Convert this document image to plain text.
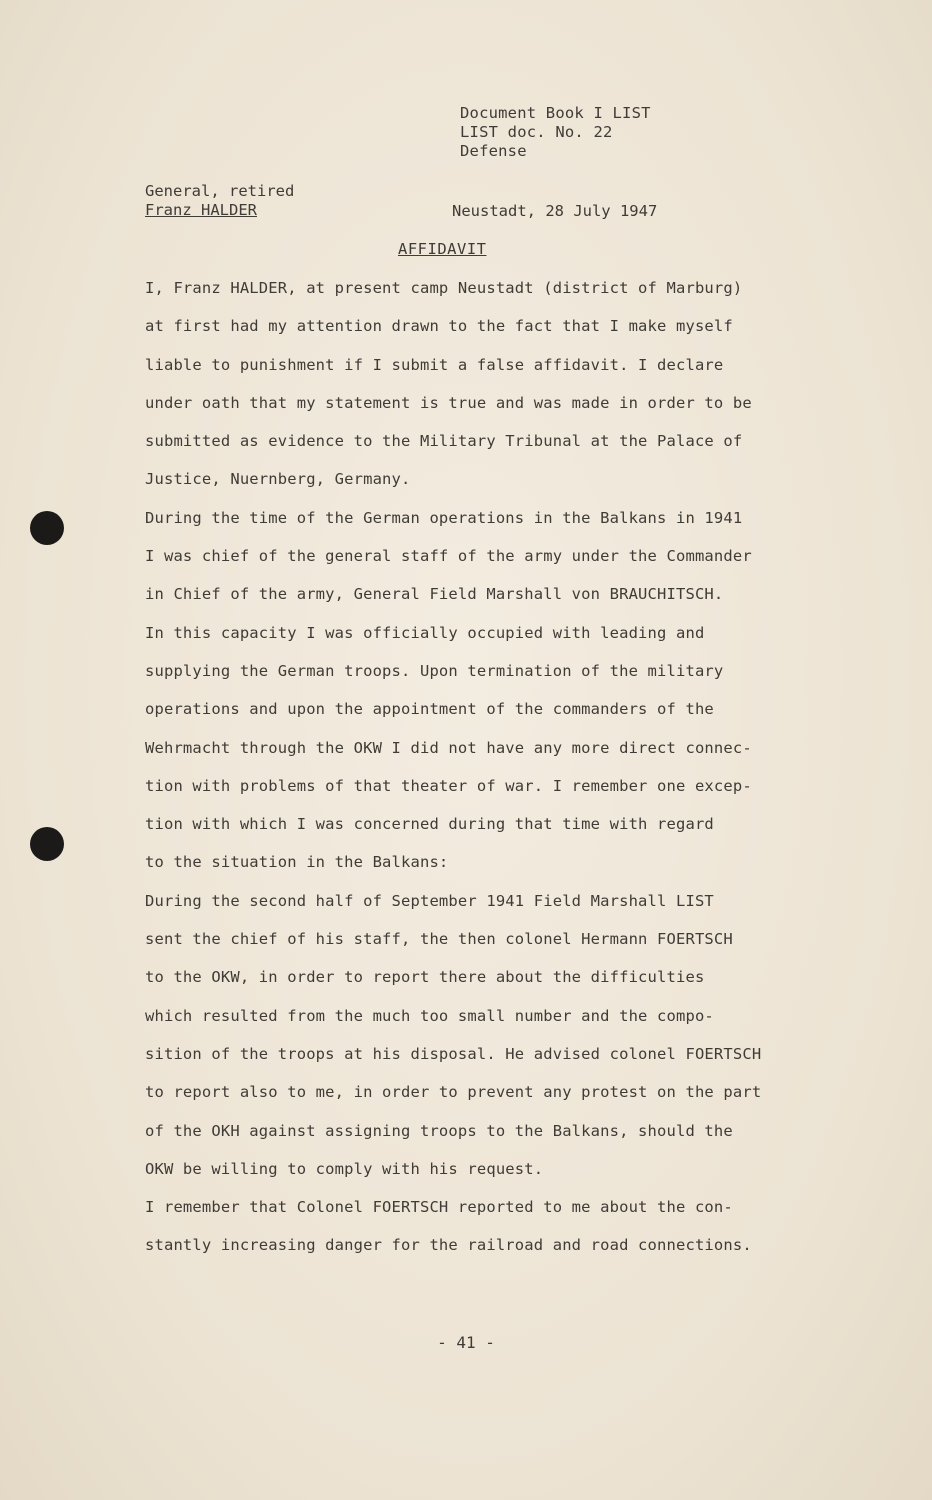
Document Book I LIST
LIST doc. No. 22
Defense
General, retired
Franz HALDER	Neustadt, 28 July 1947
AFFIDAVIT
I, Franz HALDER, at present camp Neustadt (district of Marburg)
at first had my attention drawn to the fact that I make myself
liable to punishment if I submit a false affidavit. I declare
under oath that my statement is true and was made in order to be
submitted as evidence to the Military Tribunal at the Palace of
Justice, Nuernberg, Germany.
During the time of the German operations in the Balkans in 1941
I was chief of the general staff of the army under the Commander
in Chief of the army, General Field Marshall von BRAUCHITSCH.
In this capacity I was officially occupied with leading and
supplying the German troops. Upon termination of the military
operations and upon the appointment of the commanders of the
Wehrmacht through the OKW I did not have any more direct connec-
tion with problems of that theater of war. I remember one excep-
tion with which I was concerned during that time with regard
to the situation in the Balkans:
During the second half of September 1941 Field Marshall LIST
sent the chief of his staff, the then colonel Hermann FOERTSCH
to the OKW, in order to report there about the difficulties
which resulted from the much too small number and the compo-
sition of the troops at his disposal. He advised colonel FOERTSCH
to report also to me, in order to prevent any protest on the part
of the OKH against assigning troops to the Balkans, should the
OKW be willing to comply with his request.
I remember that Colonel FOERTSCH reported to me about the con-
stantly increasing danger for the railroad and road connections.
- 41 -
